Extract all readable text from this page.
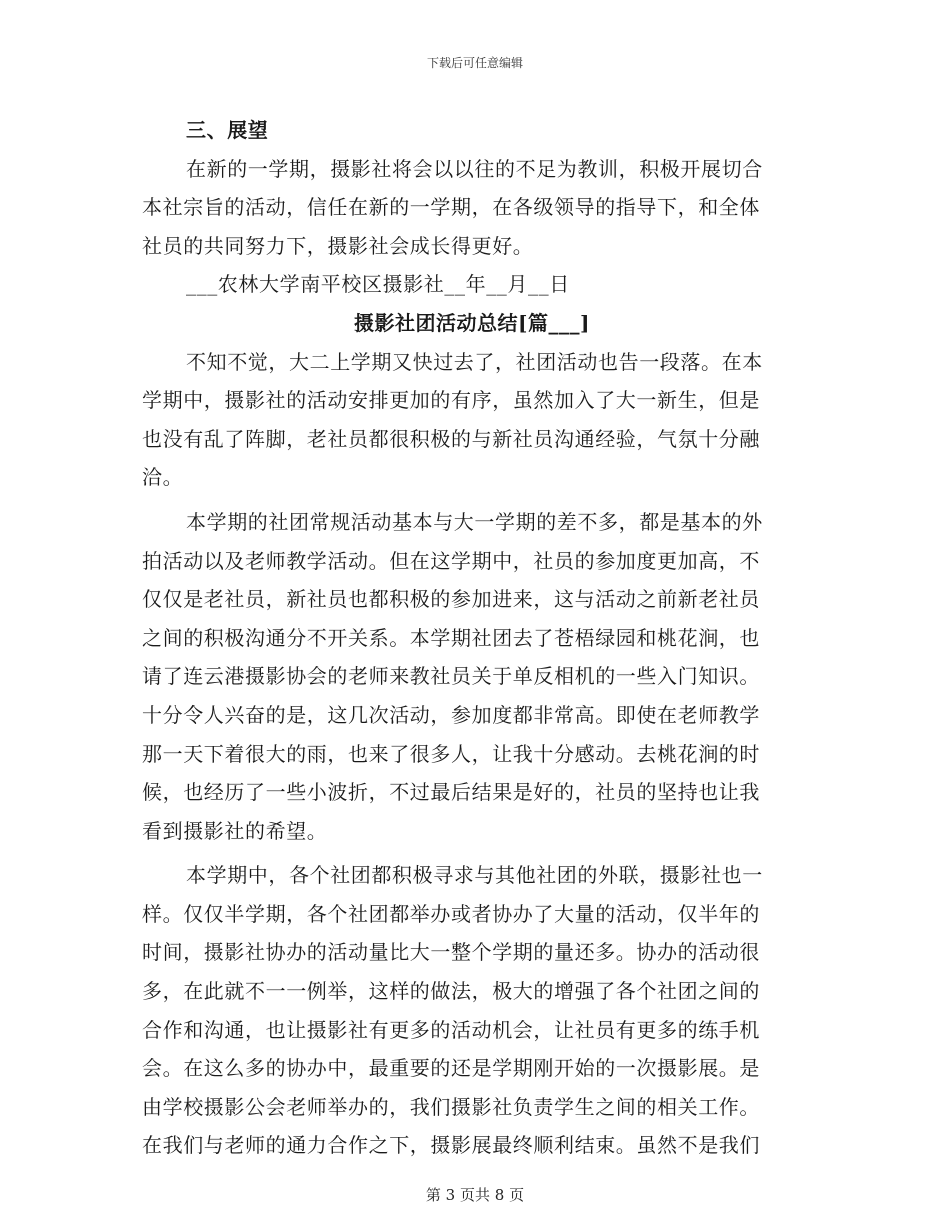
下载后可任意编辑
三、展望
在新的一学期，摄影社将会以以往的不足为教训，积极开展切合
本社宗旨的活动，信任在新的一学期，在各级领导的指导下，和全体
社员的共同努力下，摄影社会成长得更好。
___农林大学南平校区摄影社__年__月__日
摄影社团活动总结[篇___]
不知不觉，大二上学期又快过去了，社团活动也告一段落。在本
学期中，摄影社的活动安排更加的有序，虽然加入了大一新生，但是
也没有乱了阵脚，老社员都很积极的与新社员沟通经验，气氛十分融
洽。
本学期的社团常规活动基本与大一学期的差不多，都是基本的外
拍活动以及老师教学活动。但在这学期中，社员的参加度更加高，不
仅仅是老社员，新社员也都积极的参加进来，这与活动之前新老社员
之间的积极沟通分不开关系。本学期社团去了苍梧绿园和桃花涧，也
请了连云港摄影协会的老师来教社员关于单反相机的一些入门知识。
十分令人兴奋的是，这几次活动，参加度都非常高。即使在老师教学
那一天下着很大的雨，也来了很多人，让我十分感动。去桃花涧的时
候，也经历了一些小波折，不过最后结果是好的，社员的坚持也让我
看到摄影社的希望。
本学期中，各个社团都积极寻求与其他社团的外联，摄影社也一
样。仅仅半学期，各个社团都举办或者协办了大量的活动，仅半年的
时间，摄影社协办的活动量比大一整个学期的量还多。协办的活动很
多，在此就不一一例举，这样的做法，极大的增强了各个社团之间的
合作和沟通，也让摄影社有更多的活动机会，让社员有更多的练手机
会。在这么多的协办中，最重要的还是学期刚开始的一次摄影展。是
由学校摄影公会老师举办的，我们摄影社负责学生之间的相关工作。
在我们与老师的通力合作之下，摄影展最终顺利结束。虽然不是我们
第 3 页共 8 页
